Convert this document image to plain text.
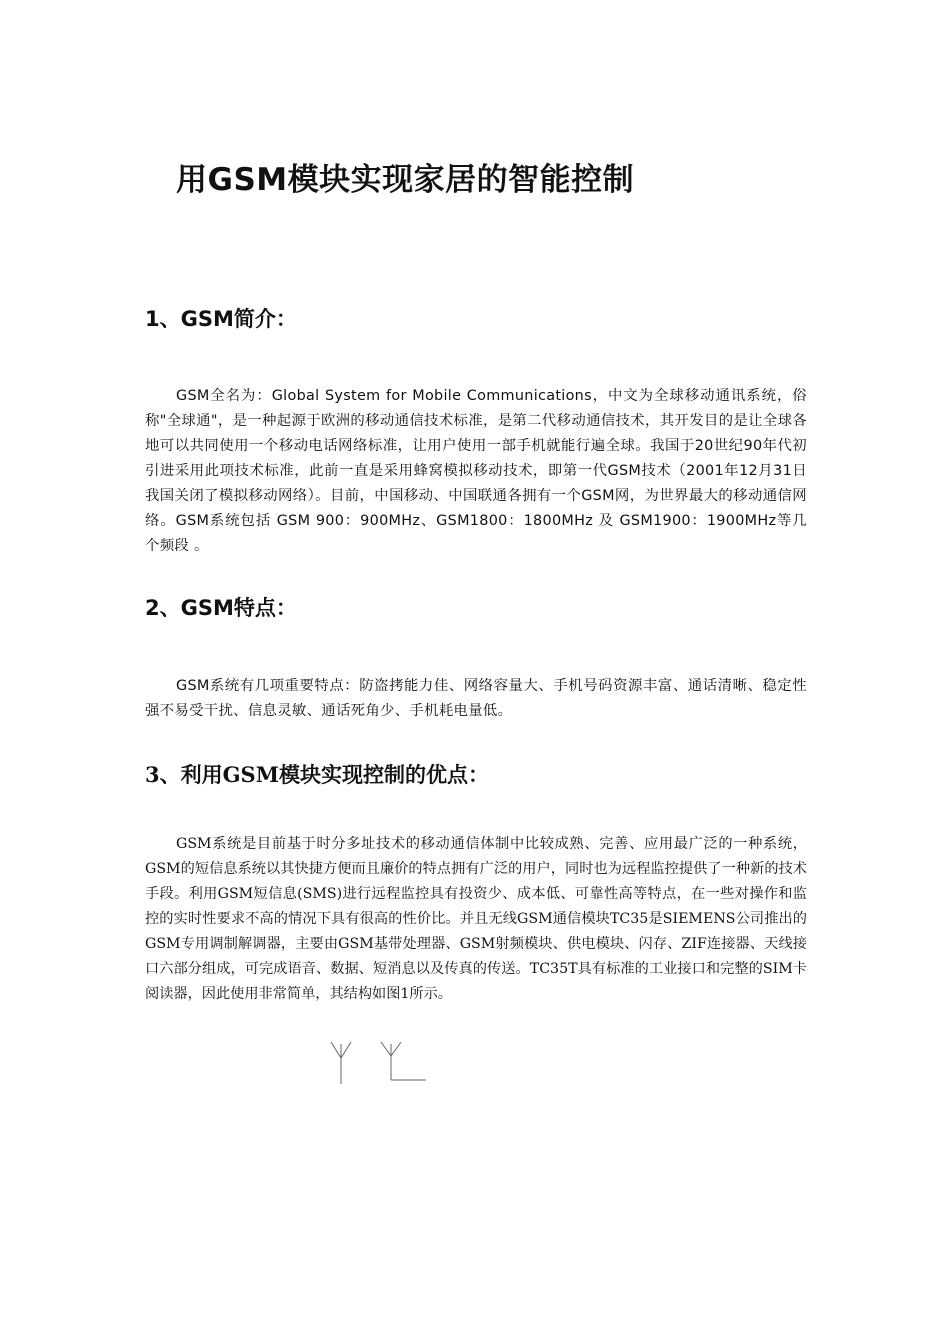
用GSM模块实现家居的智能控制
1、GSM简介：

GSM全名为：Global System for Mobile Communications，中文为全球移动通讯系统，俗称"全球通"，是一种起源于欧洲的移动通信技术标准，是第二代移动通信技术，其开发目的是让全球各地可以共同使用一个移动电话网络标准，让用户使用一部手机就能行遍全球。我国于20世纪90年代初引进采用此项技术标准，此前一直是采用蜂窝模拟移动技术，即第一代GSM技术（2001年12月31日我国关闭了模拟移动网络）。目前，中国移动、中国联通各拥有一个GSM网，为世界最大的移动通信网络。GSM系统包括 GSM 900：900MHz、GSM1800：1800MHz 及 GSM1900：1900MHz等几个频段 。

2、GSM特点：

GSM系统有几项重要特点：防盗拷能力佳、网络容量大、手机号码资源丰富、通话清晰、稳定性强不易受干扰、信息灵敏、通话死角少、手机耗电量低。

3、利用GSM模块实现控制的优点：

GSM系统是目前基于时分多址技术的移动通信体制中比较成熟、完善、应用最广泛的一种系统，GSM的短信息系统以其快捷方便而且廉价的特点拥有广泛的用户，同时也为远程监控提供了一种新的技术手段。利用GSM短信息(SMS)进行远程监控具有投资少、成本低、可靠性高等特点，在一些对操作和监控的实时性要求不高的情况下具有很高的性价比。并且无线GSM通信模块TC35是SIEMENS公司推出的GSM专用调制解调器，主要由GSM基带处理器、GSM射频模块、供电模块、闪存、ZIF连接器、天线接口六部分组成，可完成语音、数据、短消息以及传真的传送。TC35T具有标准的工业接口和完整的SIM卡阅读器，因此使用非常简单，其结构如图1所示。
